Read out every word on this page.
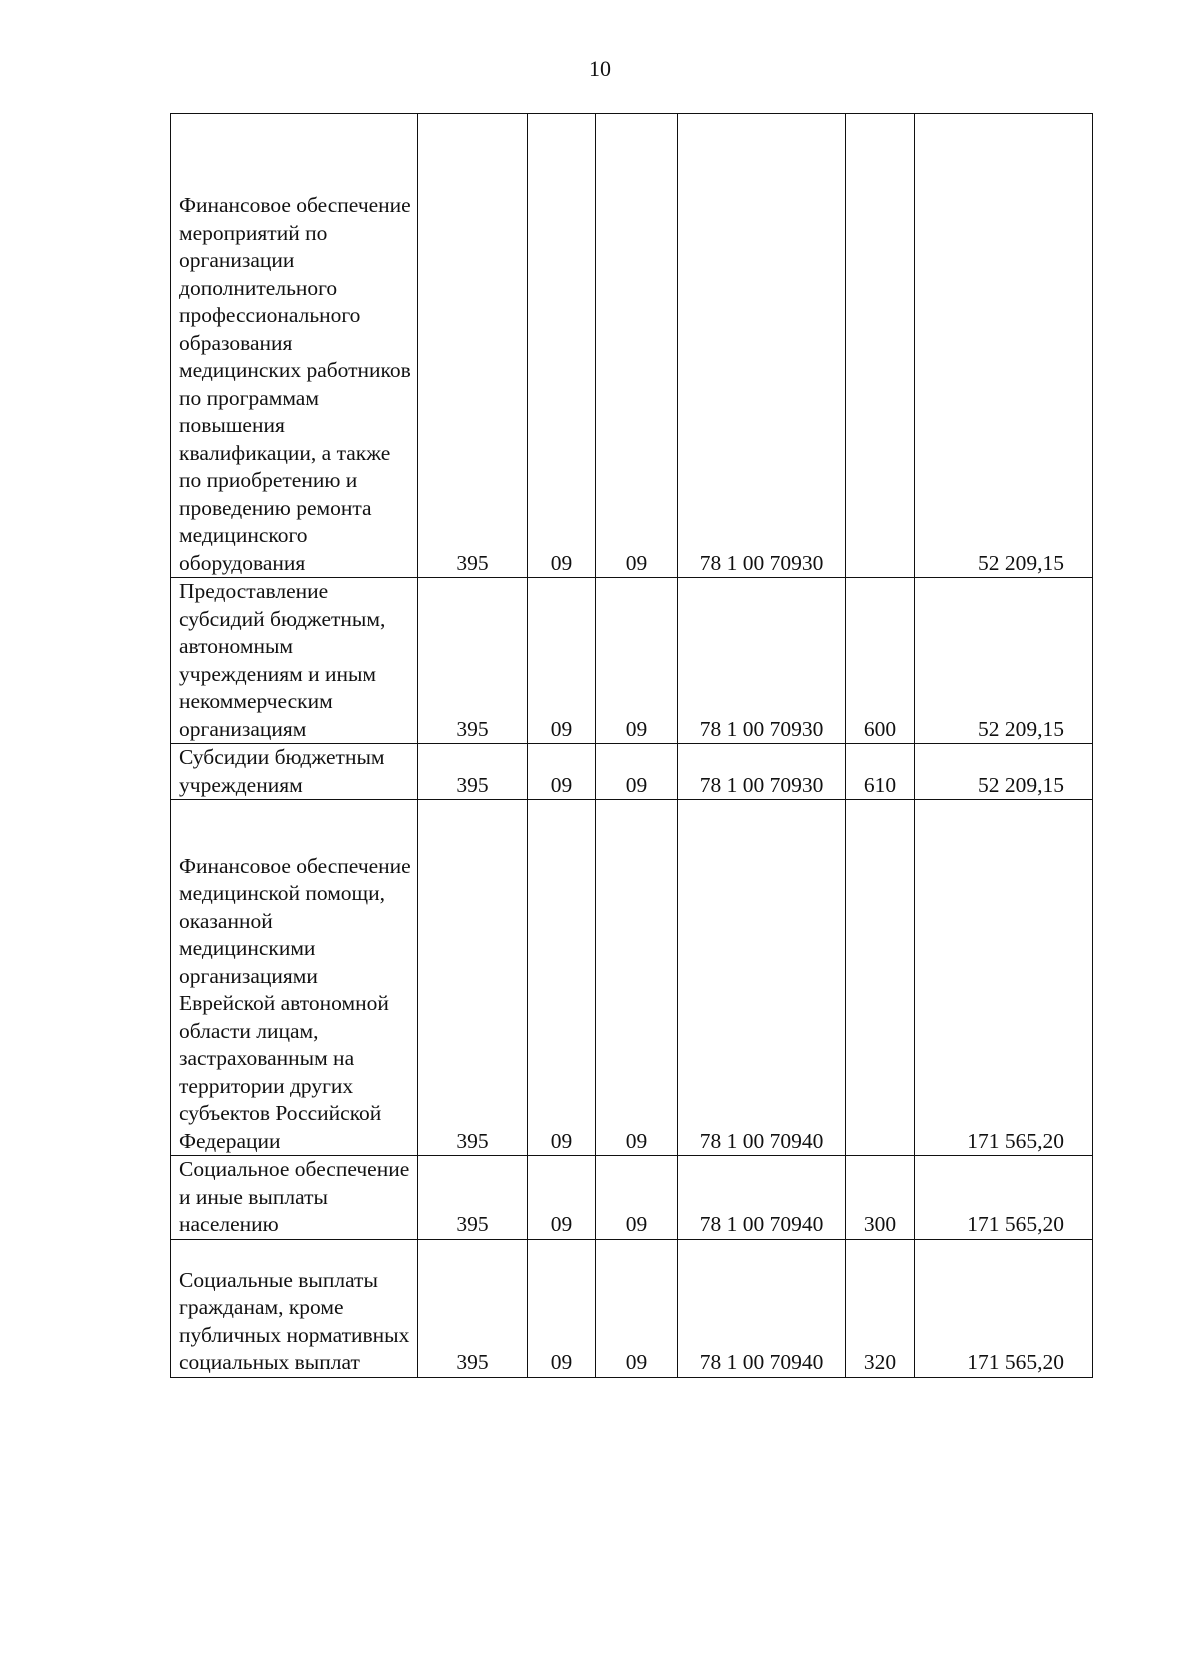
10
Финансовое обеспечение мероприятий по организации дополнительного профессионального образования медицинских работников по программам повышения квалификации, а также по приобретению и проведению ремонта медицинского оборудования	395	09	09	78 1 00 70930		52 209,15
Предоставление субсидий бюджетным, автономным учреждениям и иным некоммерческим организациям	395	09	09	78 1 00 70930	600	52 209,15
Субсидии бюджетным учреждениям	395	09	09	78 1 00 70930	610	52 209,15
Финансовое обеспечение медицинской помощи, оказанной медицинскими организациями Еврейской автономной области лицам, застрахованным на территории других субъектов Российской Федерации	395	09	09	78 1 00 70940		171 565,20
Социальное обеспечение и иные выплаты населению	395	09	09	78 1 00 70940	300	171 565,20
Социальные выплаты гражданам, кроме публичных нормативных социальных выплат	395	09	09	78 1 00 70940	320	171 565,20
